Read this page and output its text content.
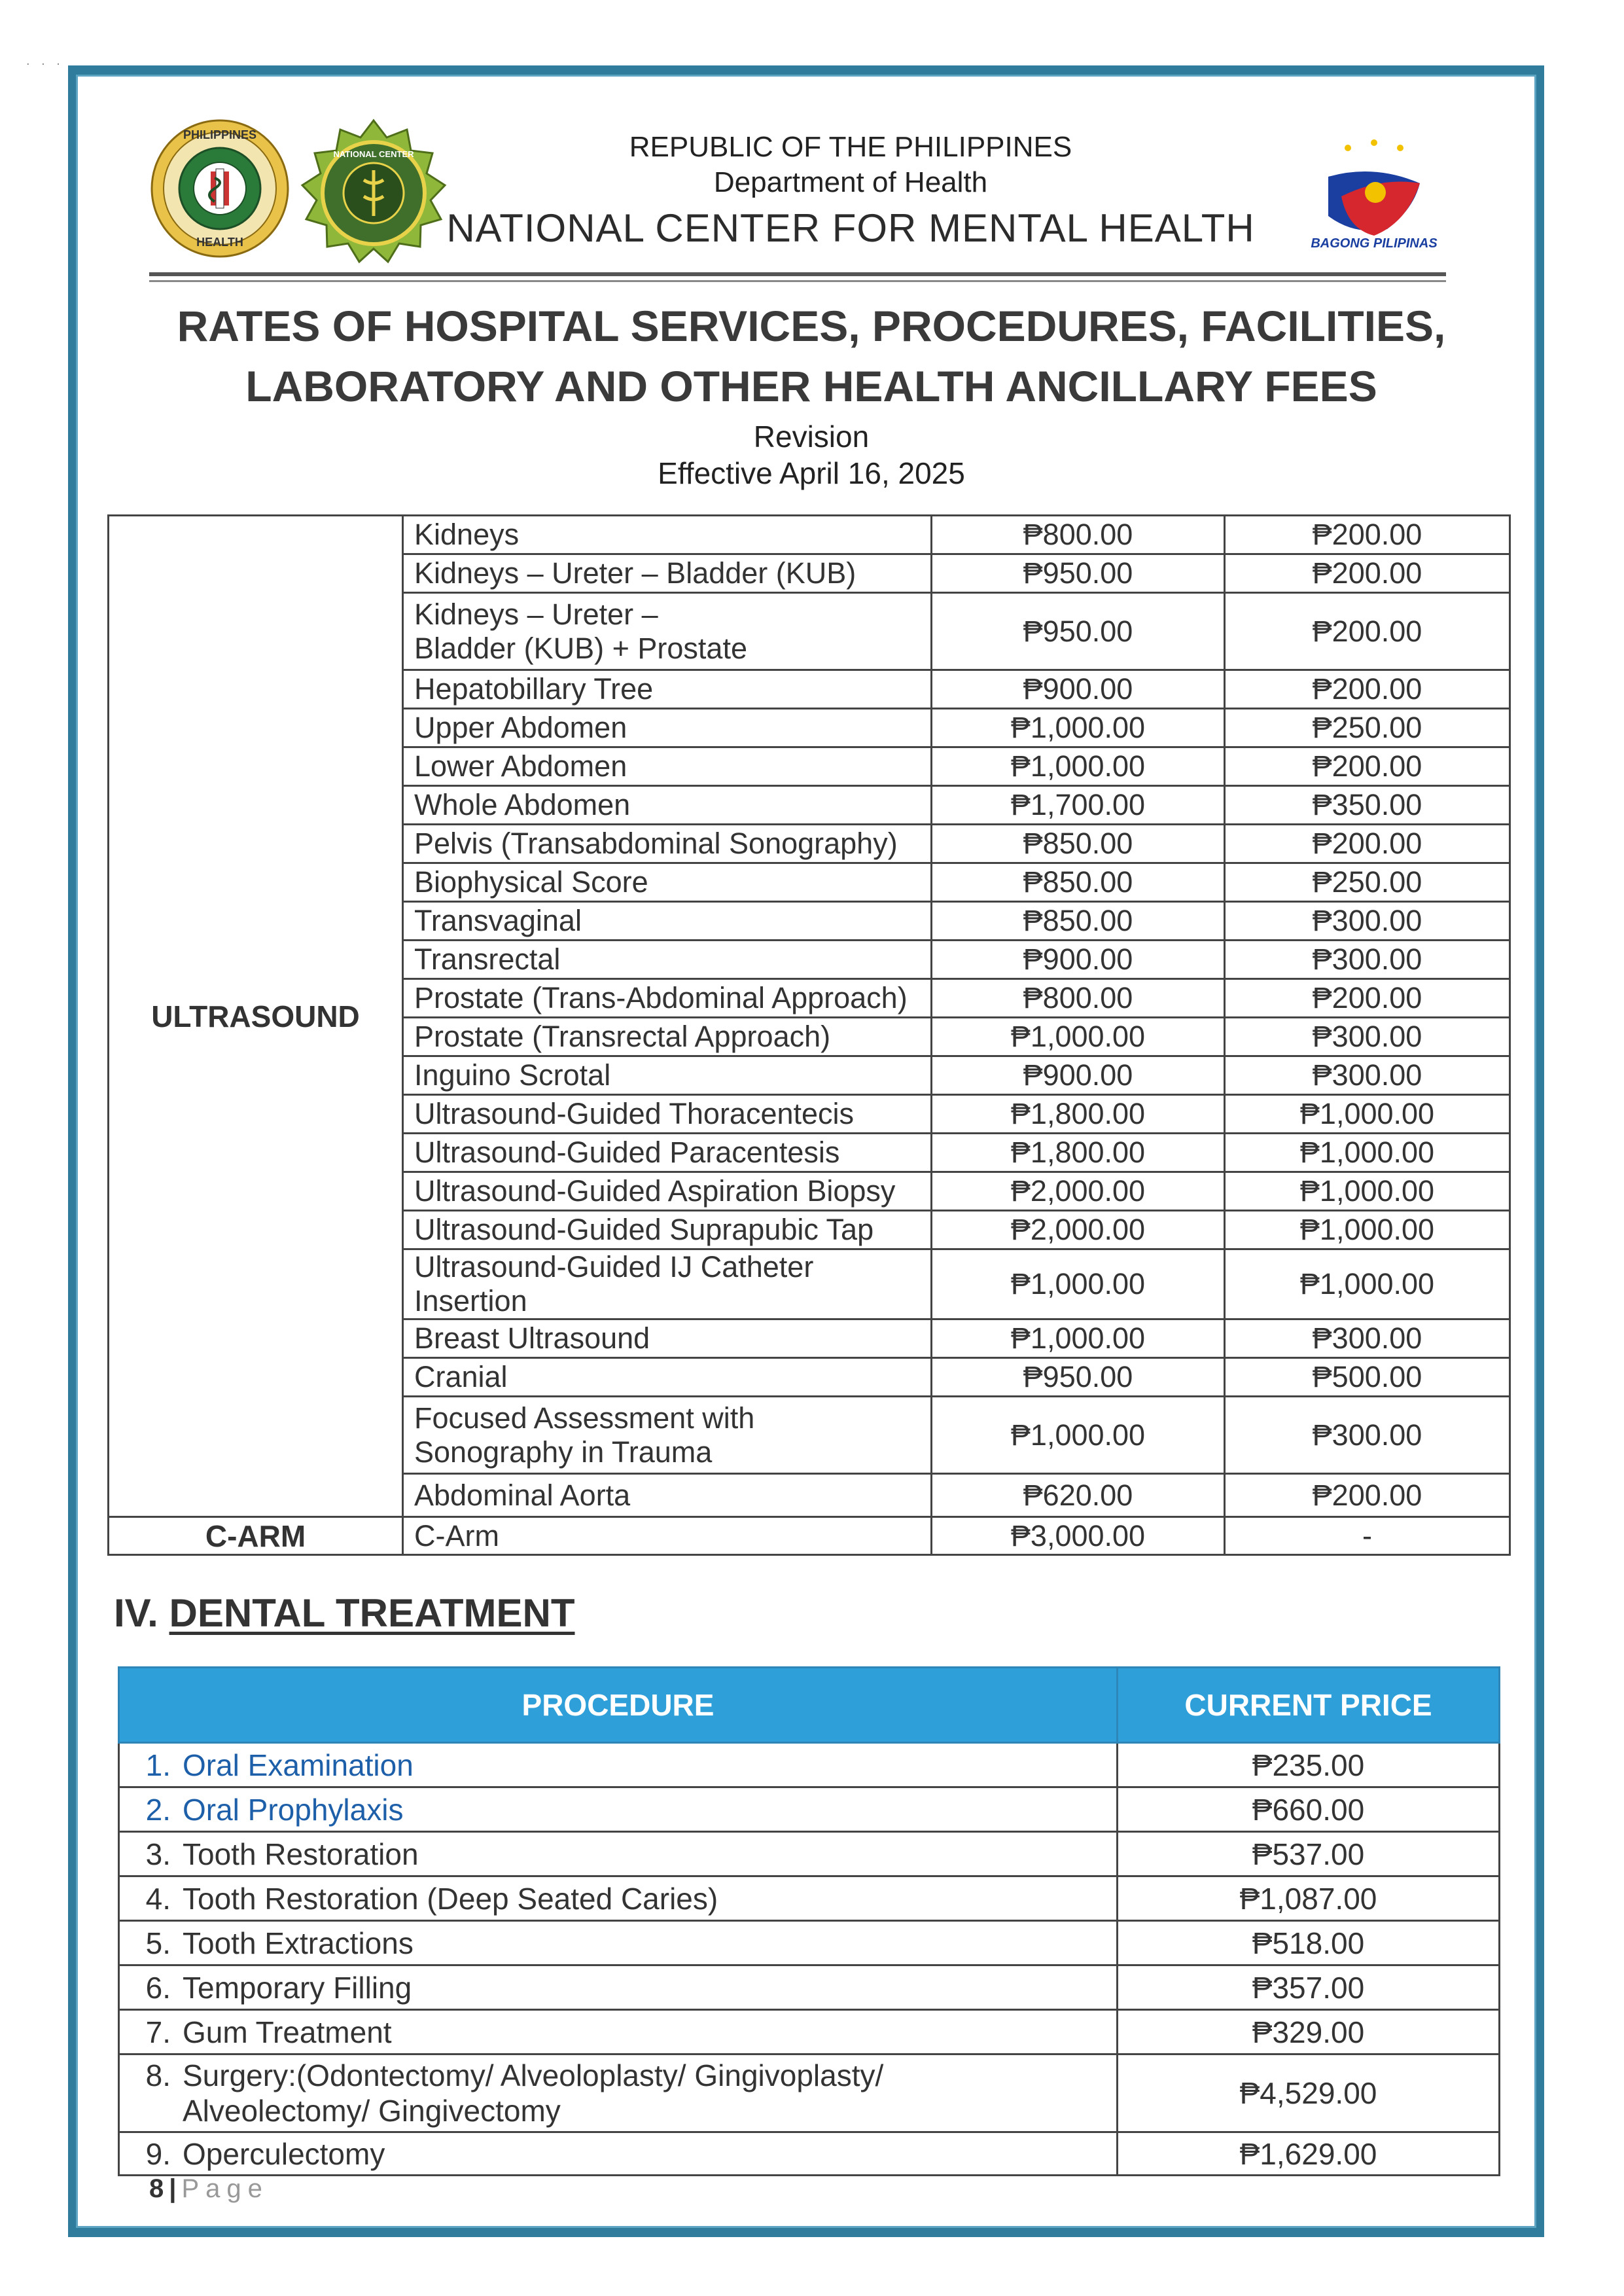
. . .
PHILIPPINES
HEALTH
NATIONAL CENTER
BAGONG PILIPINAS
REPUBLIC OF THE PHILIPPINES
Department of Health
NATIONAL CENTER FOR MENTAL HEALTH
RATES OF HOSPITAL SERVICES, PROCEDURES, FACILITIES,
LABORATORY AND OTHER HEALTH ANCILLARY FEES
Revision
Effective April 16, 2025
ULTRASOUND	Kidneys	₱800.00	₱200.00
	Kidneys – Ureter – Bladder (KUB)	₱950.00	₱200.00
	Kidneys – Ureter – Bladder (KUB) + Prostate	₱950.00	₱200.00
	Hepatobillary Tree	₱900.00	₱200.00
	Upper Abdomen	₱1,000.00	₱250.00
	Lower Abdomen	₱1,000.00	₱200.00
	Whole Abdomen	₱1,700.00	₱350.00
	Pelvis (Transabdominal Sonography)	₱850.00	₱200.00
	Biophysical Score	₱850.00	₱250.00
	Transvaginal	₱850.00	₱300.00
	Transrectal	₱900.00	₱300.00
	Prostate (Trans-Abdominal Approach)	₱800.00	₱200.00
	Prostate (Transrectal Approach)	₱1,000.00	₱300.00
	Inguino Scrotal	₱900.00	₱300.00
	Ultrasound-Guided Thoracentecis	₱1,800.00	₱1,000.00
	Ultrasound-Guided Paracentesis	₱1,800.00	₱1,000.00
	Ultrasound-Guided Aspiration Biopsy	₱2,000.00	₱1,000.00
	Ultrasound-Guided Suprapubic Tap	₱2,000.00	₱1,000.00
	Ultrasound-Guided IJ Catheter Insertion	₱1,000.00	₱1,000.00
	Breast Ultrasound	₱1,000.00	₱300.00
	Cranial	₱950.00	₱500.00
	Focused Assessment with Sonography in Trauma	₱1,000.00	₱300.00
	Abdominal Aorta	₱620.00	₱200.00
C-ARM	C-Arm	₱3,000.00	-
IV. DENTAL TREATMENT
PROCEDURE	CURRENT PRICE
1. Oral Examination	₱235.00
2. Oral Prophylaxis	₱660.00
3. Tooth Restoration	₱537.00
4. Tooth Restoration (Deep Seated Caries)	₱1,087.00
5. Tooth Extractions	₱518.00
6. Temporary Filling	₱357.00
7. Gum Treatment	₱329.00
8. Surgery:(Odontectomy/ Alveoloplasty/ Gingivoplasty/ Alveolectomy/ Gingivectomy	₱4,529.00
9. Operculectomy	₱1,629.00
8 | Page
